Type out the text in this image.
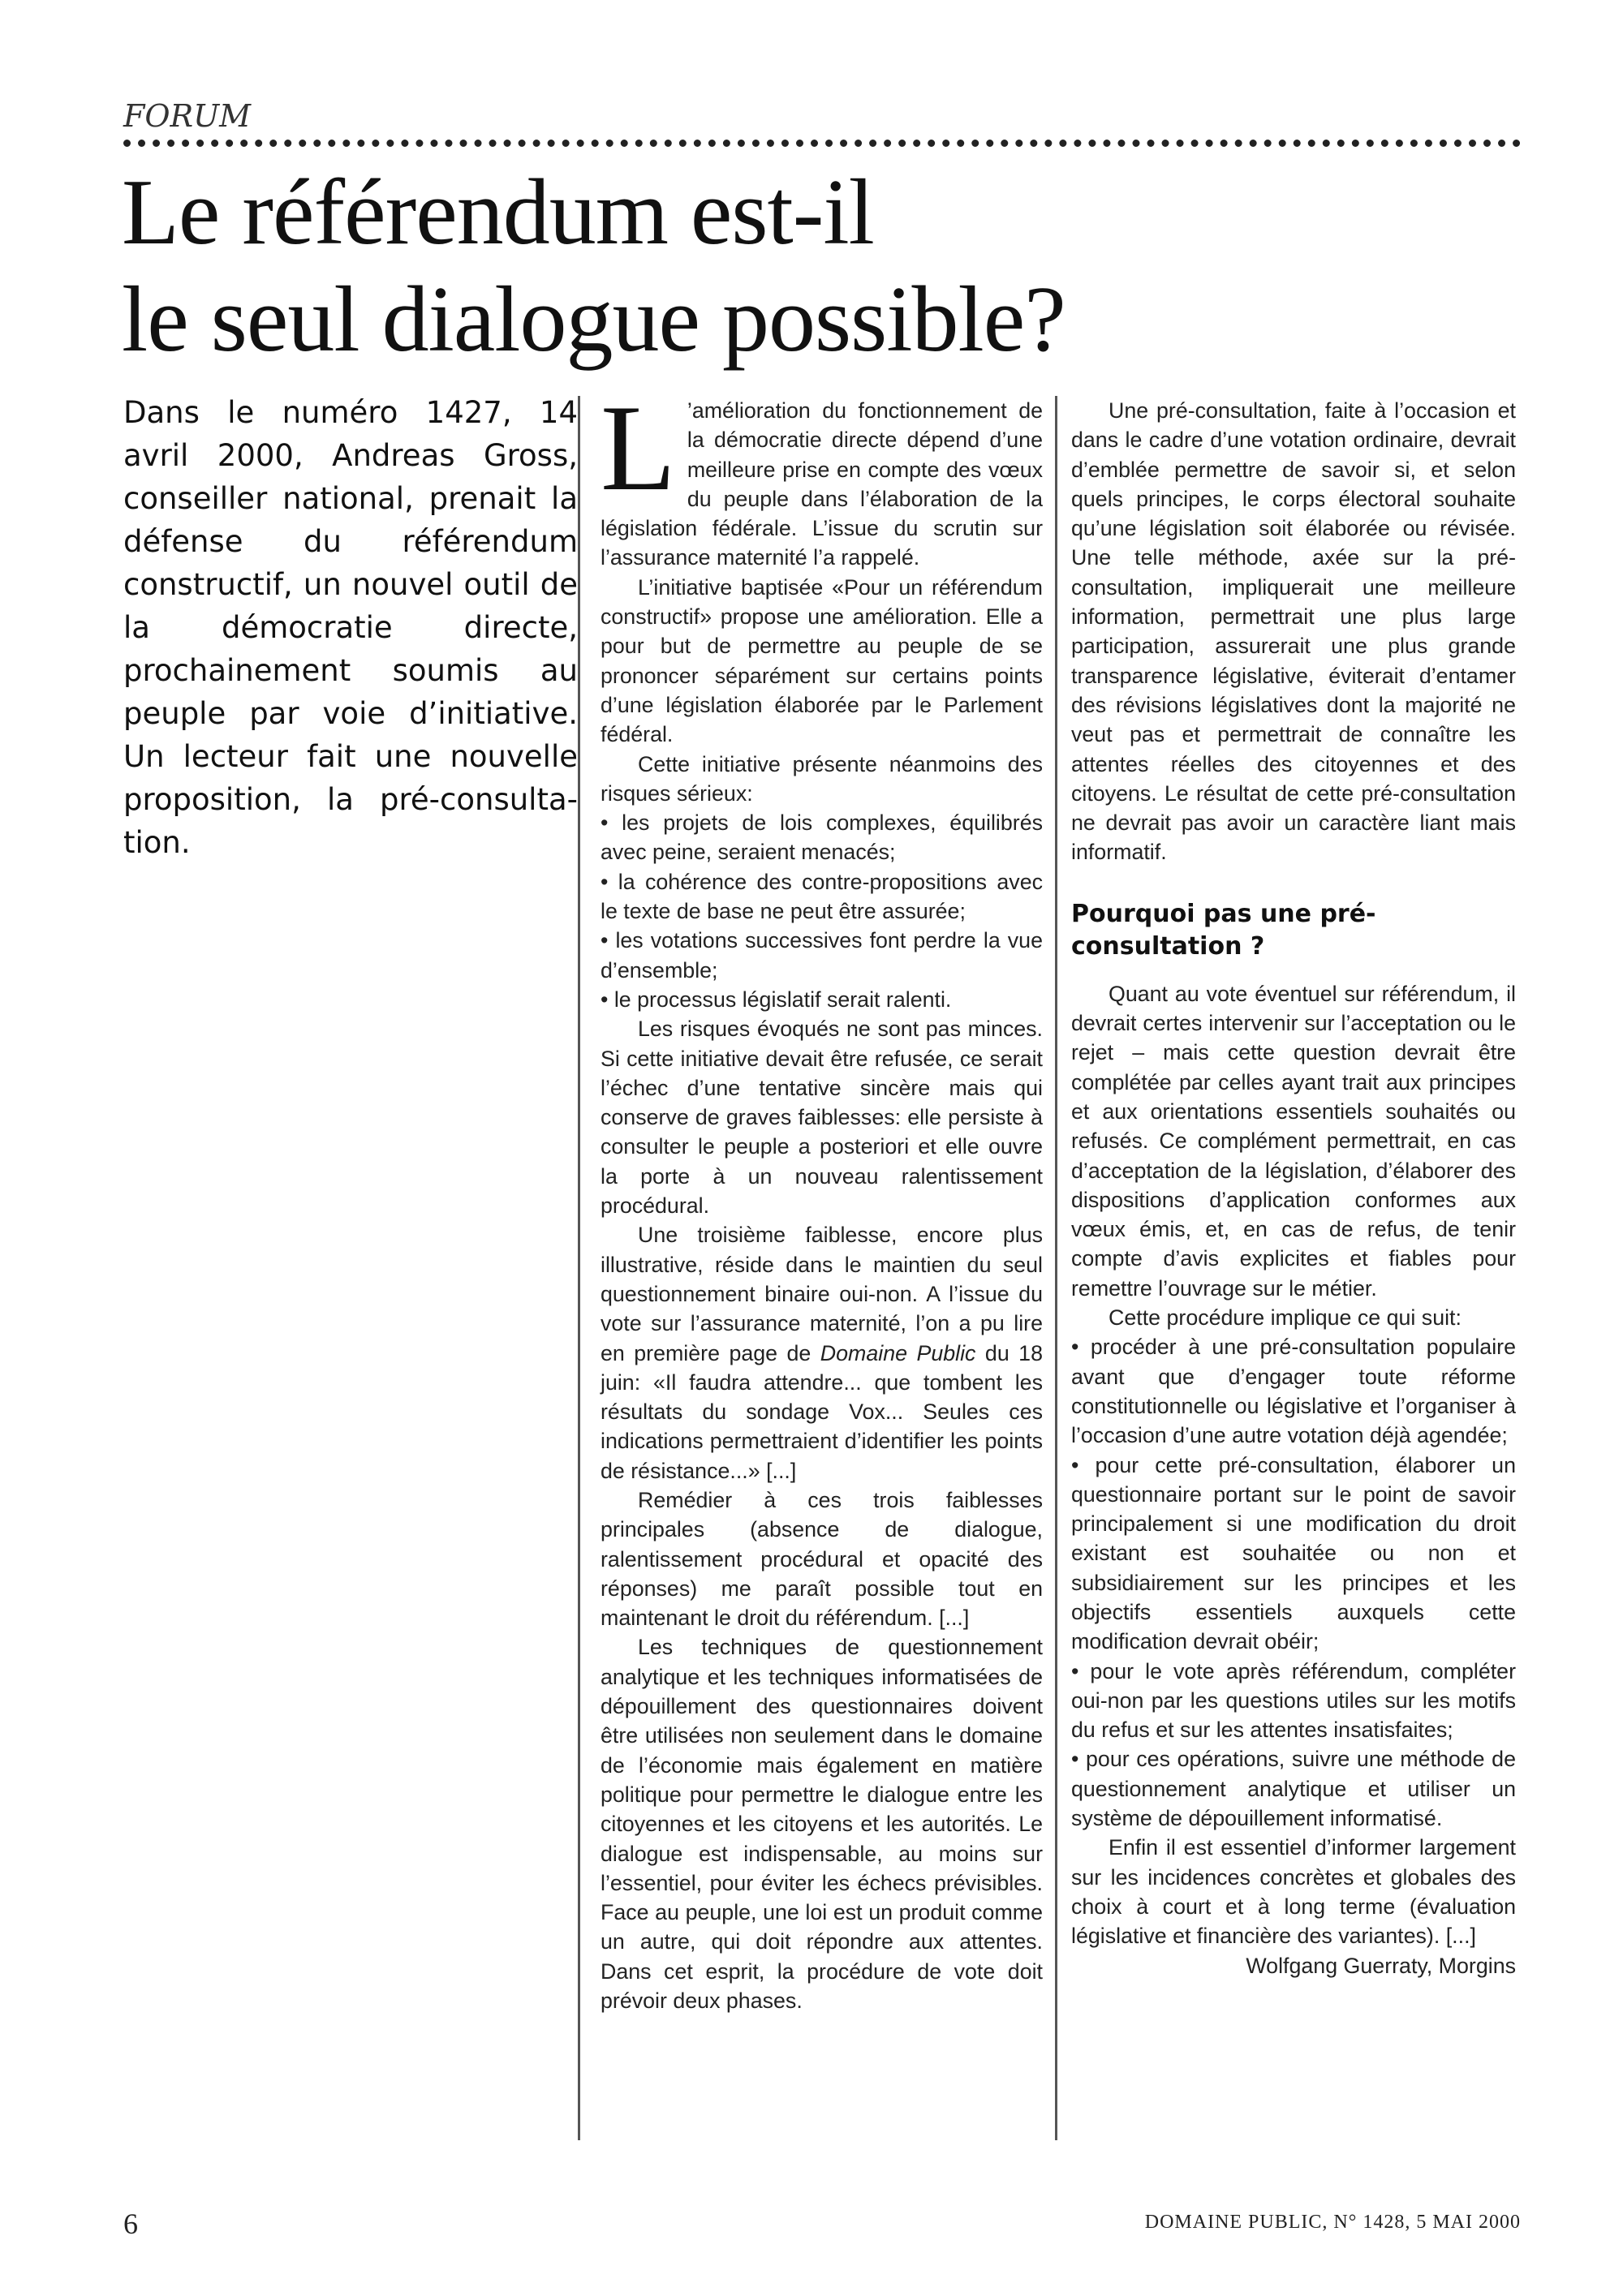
FORUM
Le référendum est-il
le seul dialogue possible?

Dans le numéro 1427, 14 avril 2000, Andreas Gross, conseiller national, prenait la défense du référendum constructif, un nouvel outil de la démocratie directe, prochainement soumis au peuple par voie d’initiative. Un lecteur fait une nouvelle proposition, la pré-consulta-tion.

L ’amélioration du fonctionnement de la démocratie directe dépend d’une meilleure prise en compte des vœux du peuple dans l’élaboration de la législation fédérale. L’issue du scrutin sur l’assurance maternité l’a rappelé.

L’initiative baptisée «Pour un référendum constructif» propose une amélioration. Elle a pour but de permettre au peuple de se prononcer séparément sur certains points d’une législation élaborée par le Parlement fédéral.

Cette initiative présente néanmoins des risques sérieux:

• les projets de lois complexes, équilibrés avec peine, seraient menacés;

• la cohérence des contre-propositions avec le texte de base ne peut être assurée;

• les votations successives font perdre la vue d’ensemble;

• le processus législatif serait ralenti.

Les risques évoqués ne sont pas minces. Si cette initiative devait être refusée, ce serait l’échec d’une tentative sincère mais qui conserve de graves faiblesses: elle persiste à consulter le peuple a posteriori et elle ouvre la porte à un nouveau ralentissement procédural.

Une troisième faiblesse, encore plus illustrative, réside dans le maintien du seul questionnement binaire oui-non. A l’issue du vote sur l’assurance maternité, l’on a pu lire en première page de Domaine Public du 18 juin: «Il faudra attendre... que tombent les résultats du sondage Vox... Seules ces indications permettraient d’identifier les points de résistance...» [...]

Remédier à ces trois faiblesses principales (absence de dialogue, ralentissement procédural et opacité des réponses) me paraît possible tout en maintenant le droit du référendum. [...]

Les techniques de questionnement analytique et les techniques informatisées de dépouillement des questionnaires doivent être utilisées non seulement dans le domaine de l’économie mais également en matière politique pour permettre le dialogue entre les citoyennes et les citoyens et les autorités. Le dialogue est indispensable, au moins sur l’essentiel, pour éviter les échecs prévisibles. Face au peuple, une loi est un produit comme un autre, qui doit répondre aux attentes. Dans cet esprit, la procédure de vote doit prévoir deux phases.

Une pré-consultation, faite à l’occasion et dans le cadre d’une votation ordinaire, devrait d’emblée permettre de savoir si, et selon quels principes, le corps électoral souhaite qu’une législation soit élaborée ou révisée. Une telle méthode, axée sur la pré-consultation, impliquerait une meilleure information, permettrait une plus large participation, assurerait une plus grande transparence législative, éviterait d’entamer des révisions législatives dont la majorité ne veut pas et permettrait de connaître les attentes réelles des citoyennes et des citoyens. Le résultat de cette pré-consultation ne devrait pas avoir un caractère liant mais informatif.

Pourquoi pas une pré-consultation ?

Quant au vote éventuel sur référendum, il devrait certes intervenir sur l’acceptation ou le rejet – mais cette question devrait être complétée par celles ayant trait aux principes et aux orientations essentiels souhaités ou refusés. Ce complément permettrait, en cas d’acceptation de la législation, d’élaborer des dispositions d’application conformes aux vœux émis, et, en cas de refus, de tenir compte d’avis explicites et fiables pour remettre l’ouvrage sur le métier.

Cette procédure implique ce qui suit:

• procéder à une pré-consultation populaire avant que d’engager toute réforme constitutionnelle ou législative et l’organiser à l’occasion d’une autre votation déjà agendée;

• pour cette pré-consultation, élaborer un questionnaire portant sur le point de savoir principalement si une modification du droit existant est souhaitée ou non et subsidiairement sur les principes et les objectifs essentiels auxquels cette modification devrait obéir;

• pour le vote après référendum, compléter oui-non par les questions utiles sur les motifs du refus et sur les attentes insatisfaites;

• pour ces opérations, suivre une méthode de questionnement analytique et utiliser un système de dépouillement informatisé.

Enfin il est essentiel d’informer largement sur les incidences concrètes et globales des choix à court et à long terme (évaluation législative et financière des variantes). [...]

Wolfgang Guerraty, Morgins

6	DOMAINE PUBLIC, N° 1428, 5 MAI 2000
